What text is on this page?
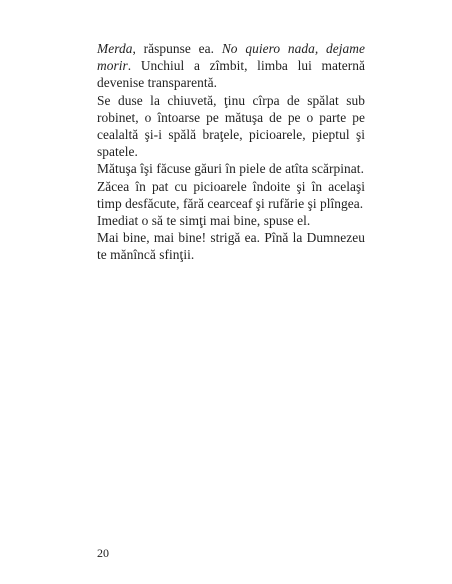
Merda, răspunse ea. No quiero nada, dejame morir. Unchiul a zîmbit, limba lui maternă devenise transparentă.

Se duse la chiuvetă, ţinu cîrpa de spălat sub robinet, o întoarse pe mătuşa de pe o parte pe cealaltă şi-i spălă braţele, picioarele, pieptul şi spatele.

Mătuşa îşi făcuse găuri în piele de atîta scărpinat.

Zăcea în pat cu picioarele îndoite şi în acelaşi timp desfăcute, fără cearceaf şi rufărie şi plîngea.

Imediat o să te simţi mai bine, spuse el.

Mai bine, mai bine! strigă ea. Pînă la Dumnezeu te mănîncă sfinţii.

20
